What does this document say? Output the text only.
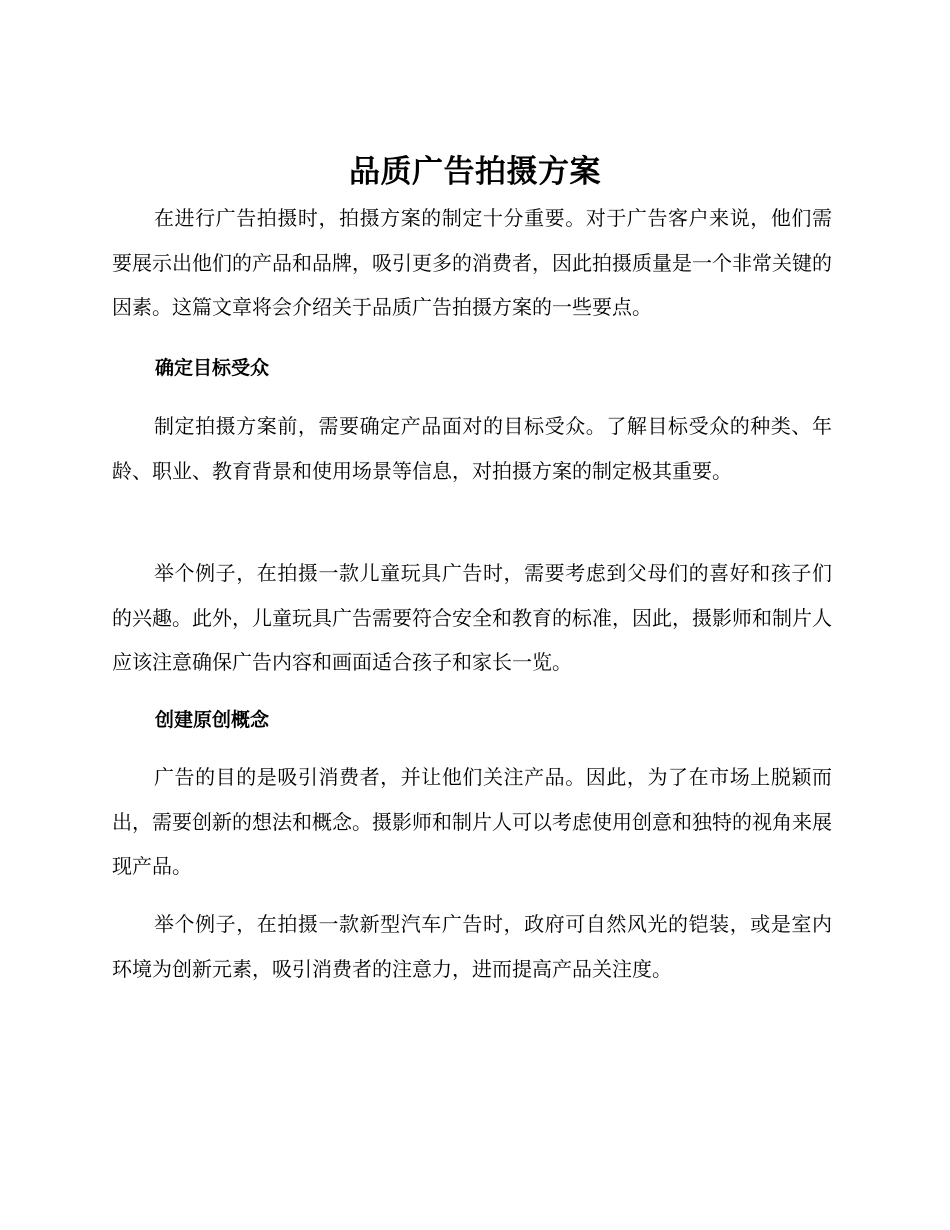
品质广告拍摄方案

在进行广告拍摄时，拍摄方案的制定十分重要。对于广告客户来说，他们需要展示出他们的产品和品牌，吸引更多的消费者，因此拍摄质量是一个非常关键的因素。这篇文章将会介绍关于品质广告拍摄方案的一些要点。

确定目标受众

制定拍摄方案前，需要确定产品面对的目标受众。了解目标受众的种类、年龄、职业、教育背景和使用场景等信息，对拍摄方案的制定极其重要。

举个例子，在拍摄一款儿童玩具广告时，需要考虑到父母们的喜好和孩子们的兴趣。此外，儿童玩具广告需要符合安全和教育的标准，因此，摄影师和制片人应该注意确保广告内容和画面适合孩子和家长一览。

创建原创概念

广告的目的是吸引消费者，并让他们关注产品。因此，为了在市场上脱颖而出，需要创新的想法和概念。摄影师和制片人可以考虑使用创意和独特的视角来展现产品。

举个例子，在拍摄一款新型汽车广告时，政府可自然风光的铠装，或是室内环境为创新元素，吸引消费者的注意力，进而提高产品关注度。
